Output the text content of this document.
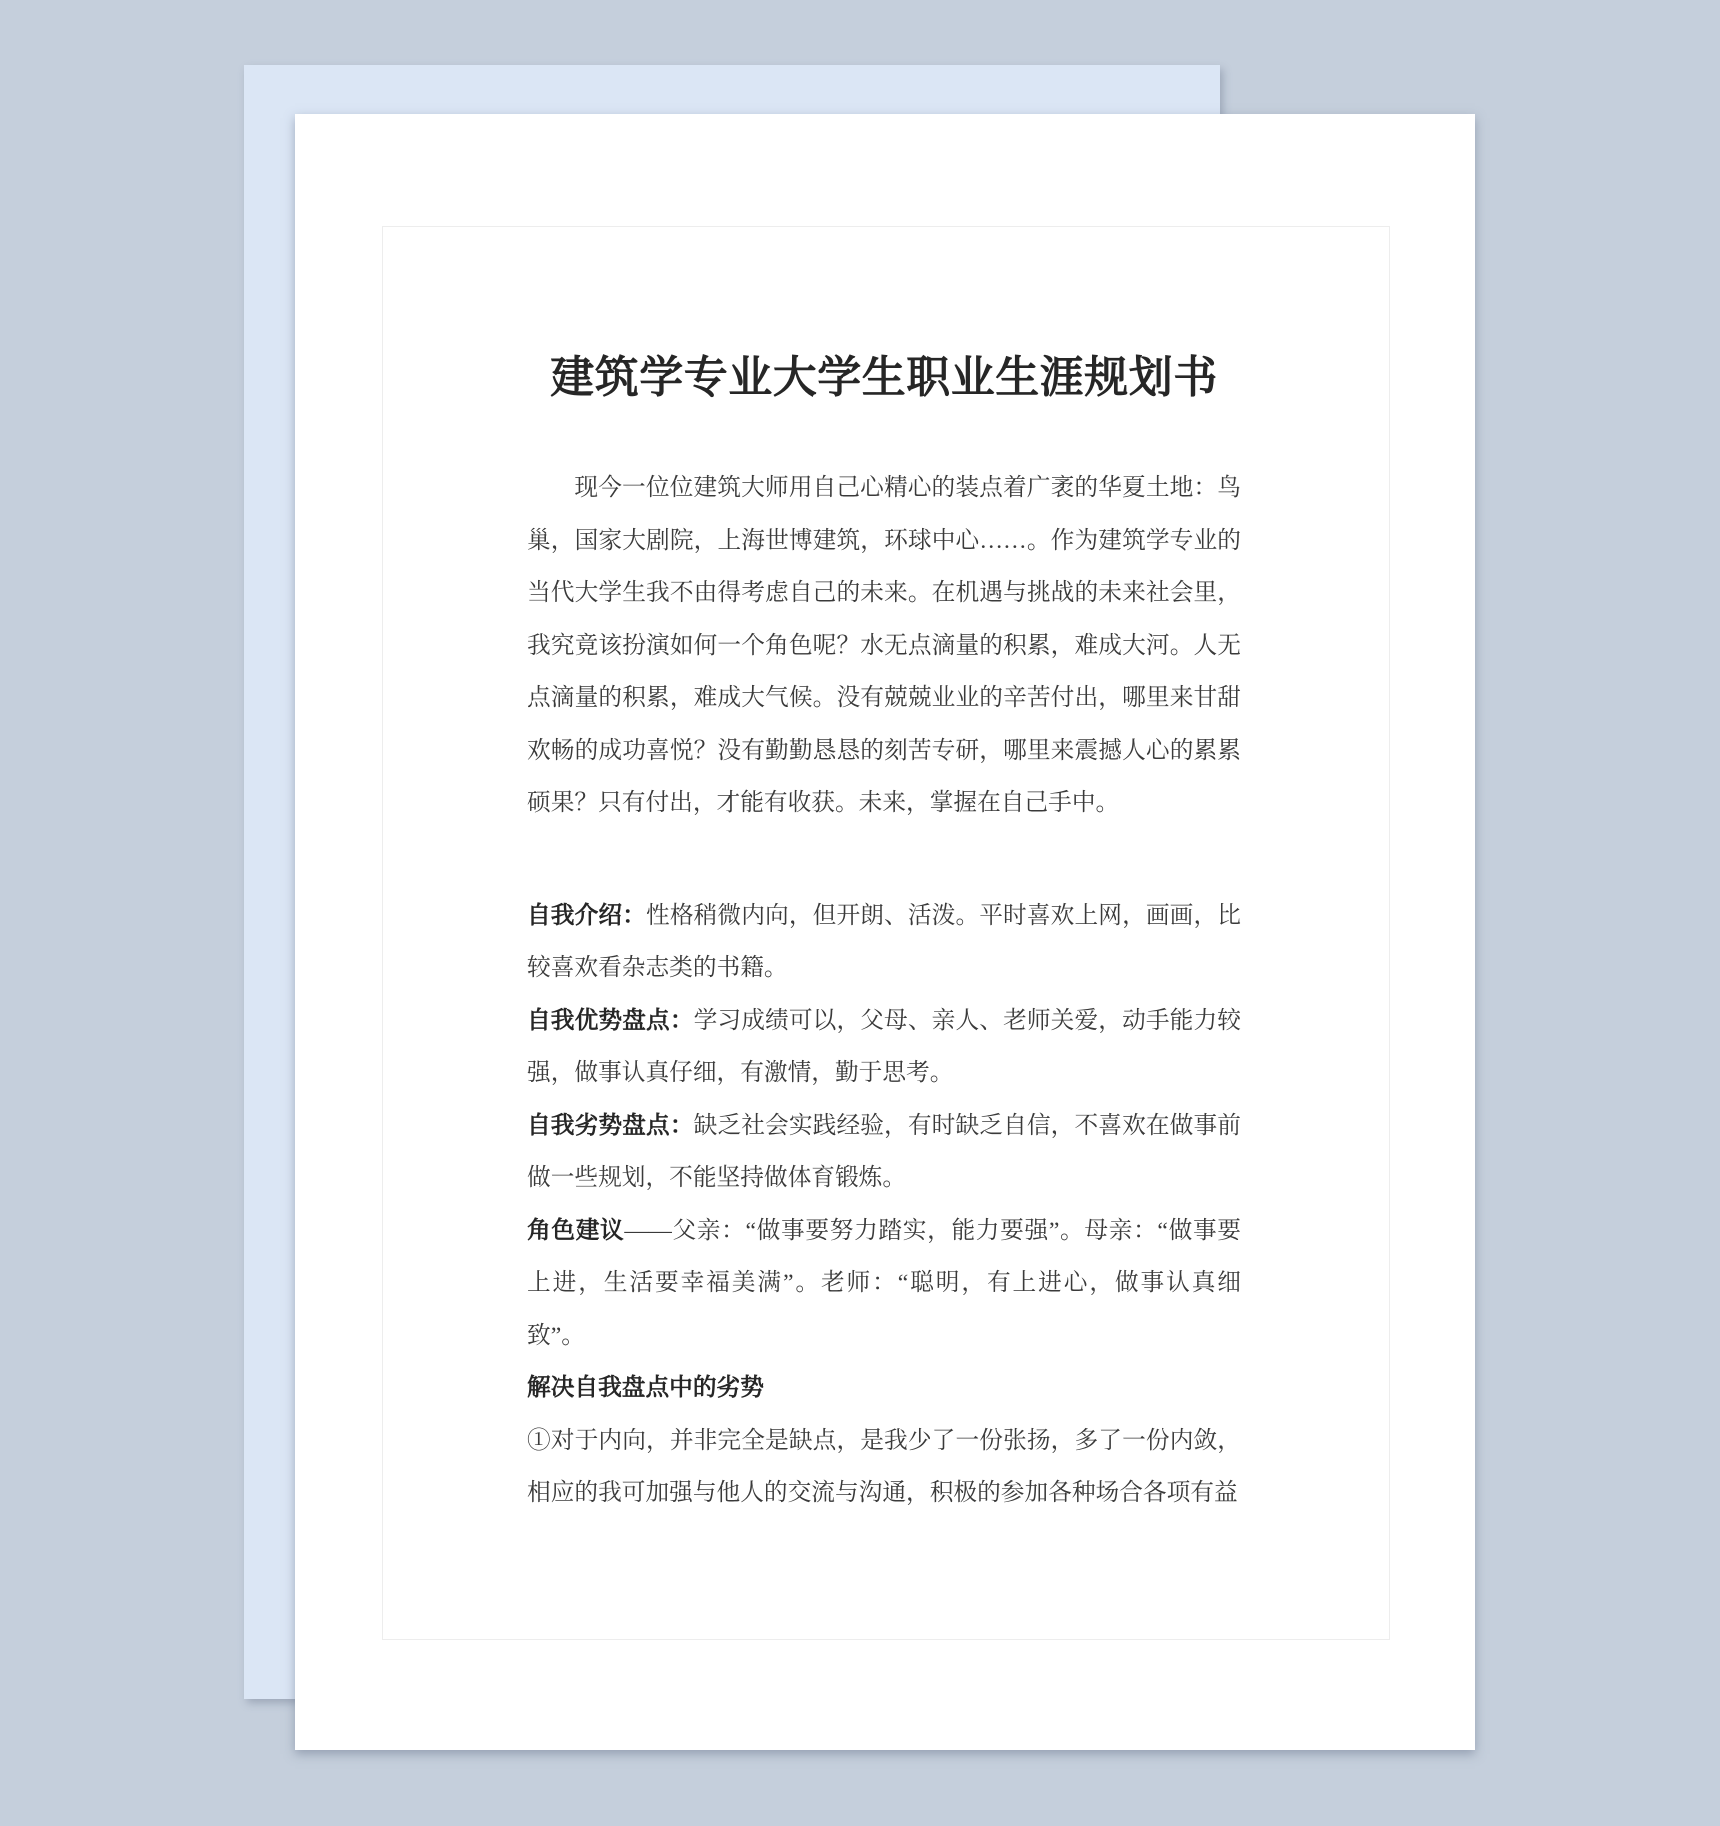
建筑学专业大学生职业生涯规划书

现今一位位建筑大师用自己心精心的装点着广袤的华夏土地：鸟巢，国家大剧院，上海世博建筑，环球中心……。作为建筑学专业的当代大学生我不由得考虑自己的未来。在机遇与挑战的未来社会里，我究竟该扮演如何一个角色呢？水无点滴量的积累，难成大河。人无点滴量的积累，难成大气候。没有兢兢业业的辛苦付出，哪里来甘甜欢畅的成功喜悦？没有勤勤恳恳的刻苦专研，哪里来震撼人心的累累硕果？只有付出，才能有收获。未来，掌握在自己手中。

自我介绍：性格稍微内向，但开朗、活泼。平时喜欢上网，画画，比较喜欢看杂志类的书籍。

自我优势盘点：学习成绩可以，父母、亲人、老师关爱，动手能力较强，做事认真仔细，有激情，勤于思考。

自我劣势盘点：缺乏社会实践经验，有时缺乏自信，不喜欢在做事前做一些规划，不能坚持做体育锻炼。

角色建议——父亲：“做事要努力踏实，能力要强”。母亲：“做事要上进，生活要幸福美满”。老师：“聪明，有上进心，做事认真细致”。

解决自我盘点中的劣势

①对于内向，并非完全是缺点，是我少了一份张扬，多了一份内敛，相应的我可加强与他人的交流与沟通，积极的参加各种场合各项有益
